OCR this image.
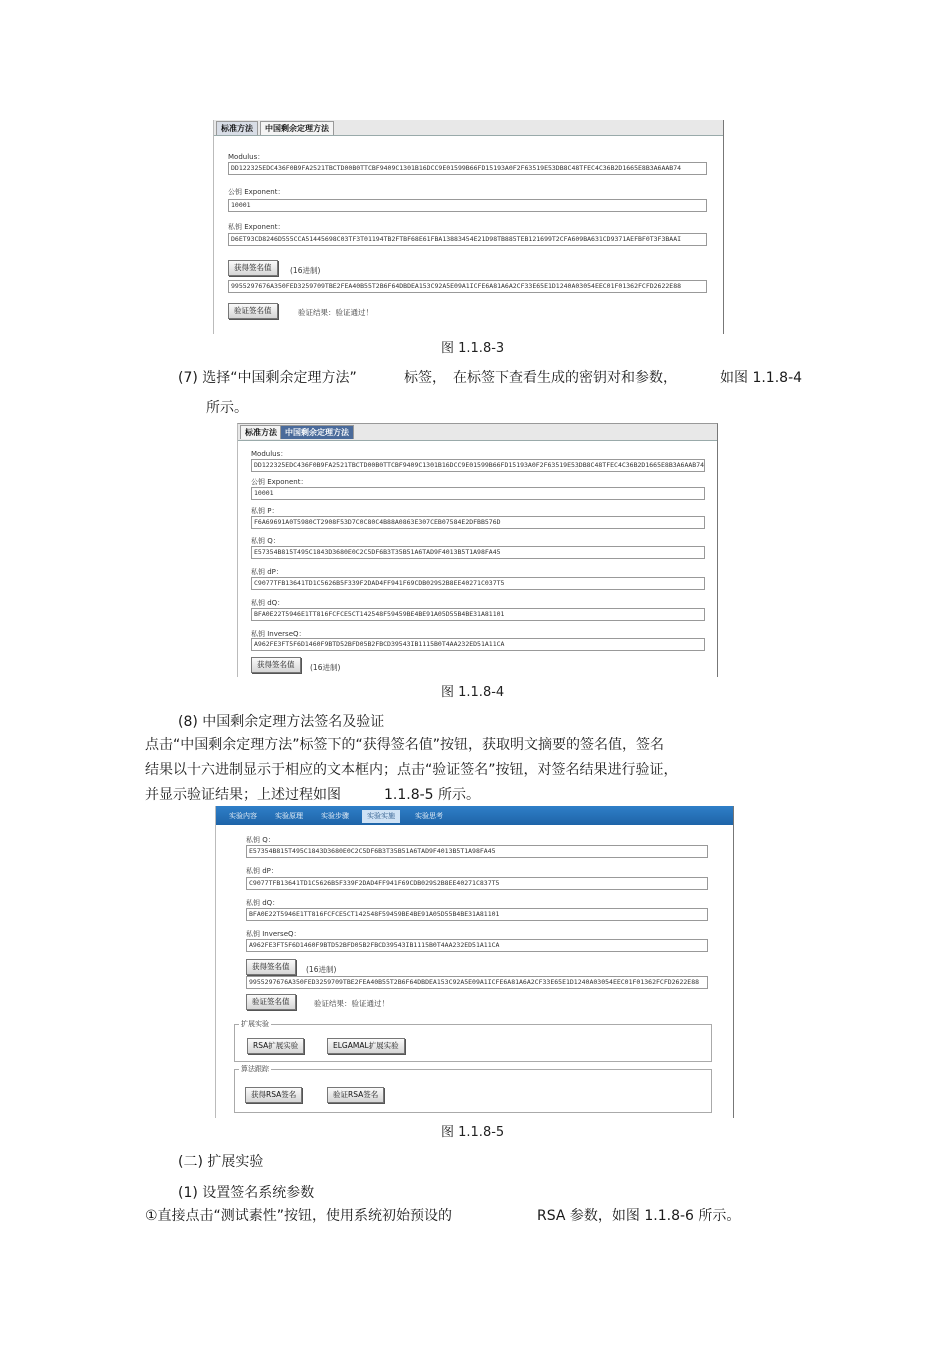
标准方法	中国剩余定理方法
Modulus：
DD122325EDC436F0B9FA2521TBCTD00B0TTCBF9409C1301B16DCC9E01599B66FD15193A0F2F63519E53DB8C48TFEC4C36B2D1665E8B3A6AAB74
公钥 Exponent：
10001
私钥 Exponent：
D6ET93CD8246D555CCA51445698C03TF3T01194TB2FTBF68E61FBA13883454E21D98TB885TEB121699T2CFA609BA631CD9371AEFBF0T3F3BAAI
获得签名值	(16进制)
9955297676A350FED3259709TBE2FEA40B55T2B6F64DBDEA153C92A5E09A1ICFE6A81A6A2CF33E65E1D1240A03054EEC01F01362FCFD2622E88
验证签名值	验证结果：验证通过！
图 1.1.8-3
(7) 选择“中国剩余定理方法”	标签， 在标签下查看生成的密钥对和参数，	如图 1.1.8-4
所示。
标准方法	中国剩余定理方法
Modulus：
DD122325EDC436F0B9FA2521TBCTD00B0TTCBF9409C1301B16DCC9E01599B66FD15193A0F2F63519E53DB8C48TFEC4C36B2D1665E8B3A6AAB74
公钥 Exponent：
10001
私钥 P：
F6A69691A0T5980CT2908F53D7C0C80C4B88A0863E307CEB07584E2DFBB576D
私钥 Q：
E57354B815T495C1843D3680E0C2C5DF6B3T35B51A6TAD9F4013B5T1A98FA45
私钥 dP：
C9077TFB13641TD1C5626B5F339F2DAD4FF941F69CDB029S2B8EE40271C037T5
私钥 dQ：
BFA0E22T5946E1TT816FCFCE5CT142548F59459BE4BE91A05D55B4BE31A81101
私钥 InverseQ：
A962FE3FT5F6D1460F9BTD52BFD05B2FBCD39543IB1115B0T4AA232ED51A11CA
获得签名值	(16进制)
图 1.1.8-4
(8) 中国剩余定理方法签名及验证
点击“中国剩余定理方法”标签下的“获得签名值”按钮，获取明文摘要的签名值，签名
结果以十六进制显示于相应的文本框内；点击“验证签名”按钮，对签名结果进行验证，
并显示验证结果；上述过程如图	1.1.8-5 所示。
实验内容	实验原理	实验步骤	实验实施	实验思考
私钥 Q：
E57354B815T495C1843D3680E0C2C5DF6B3T35B51A6TAD9F4013B5T1A98FA45
私钥 dP：
C9077TFB13641TD1C5626B5F339F2DAD4FF941F69CDB029S2B8EE40271C837T5
私钥 dQ：
BFA0E22T5946E1TT816FCFCE5CT142548F59459BE4BE91A05D55B4BE31A81101
私钥 InverseQ：
A962FE3FT5F6D1460F9BTD52BFD05B2FBCD39543IB1115B0T4AA232ED51A11CA
获得签名值	(16进制)
9955297676A350FED3259709TBE2FEA40B55T2B6F64DBDEA153C92A5E09A1ICFE6A81A6A2CF33E65E1D1240A03054EEC01F01362FCFD2622E88
验证签名值	验证结果：验证通过！
扩展实验
RSA扩展实验	ELGAMAL扩展实验
算法跟踪
获得RSA签名	验证RSA签名
图 1.1.8-5
(二) 扩展实验
(1) 设置签名系统参数
①直接点击“测试素性”按钮，使用系统初始预设的	RSA 参数，如图 1.1.8-6 所示。
